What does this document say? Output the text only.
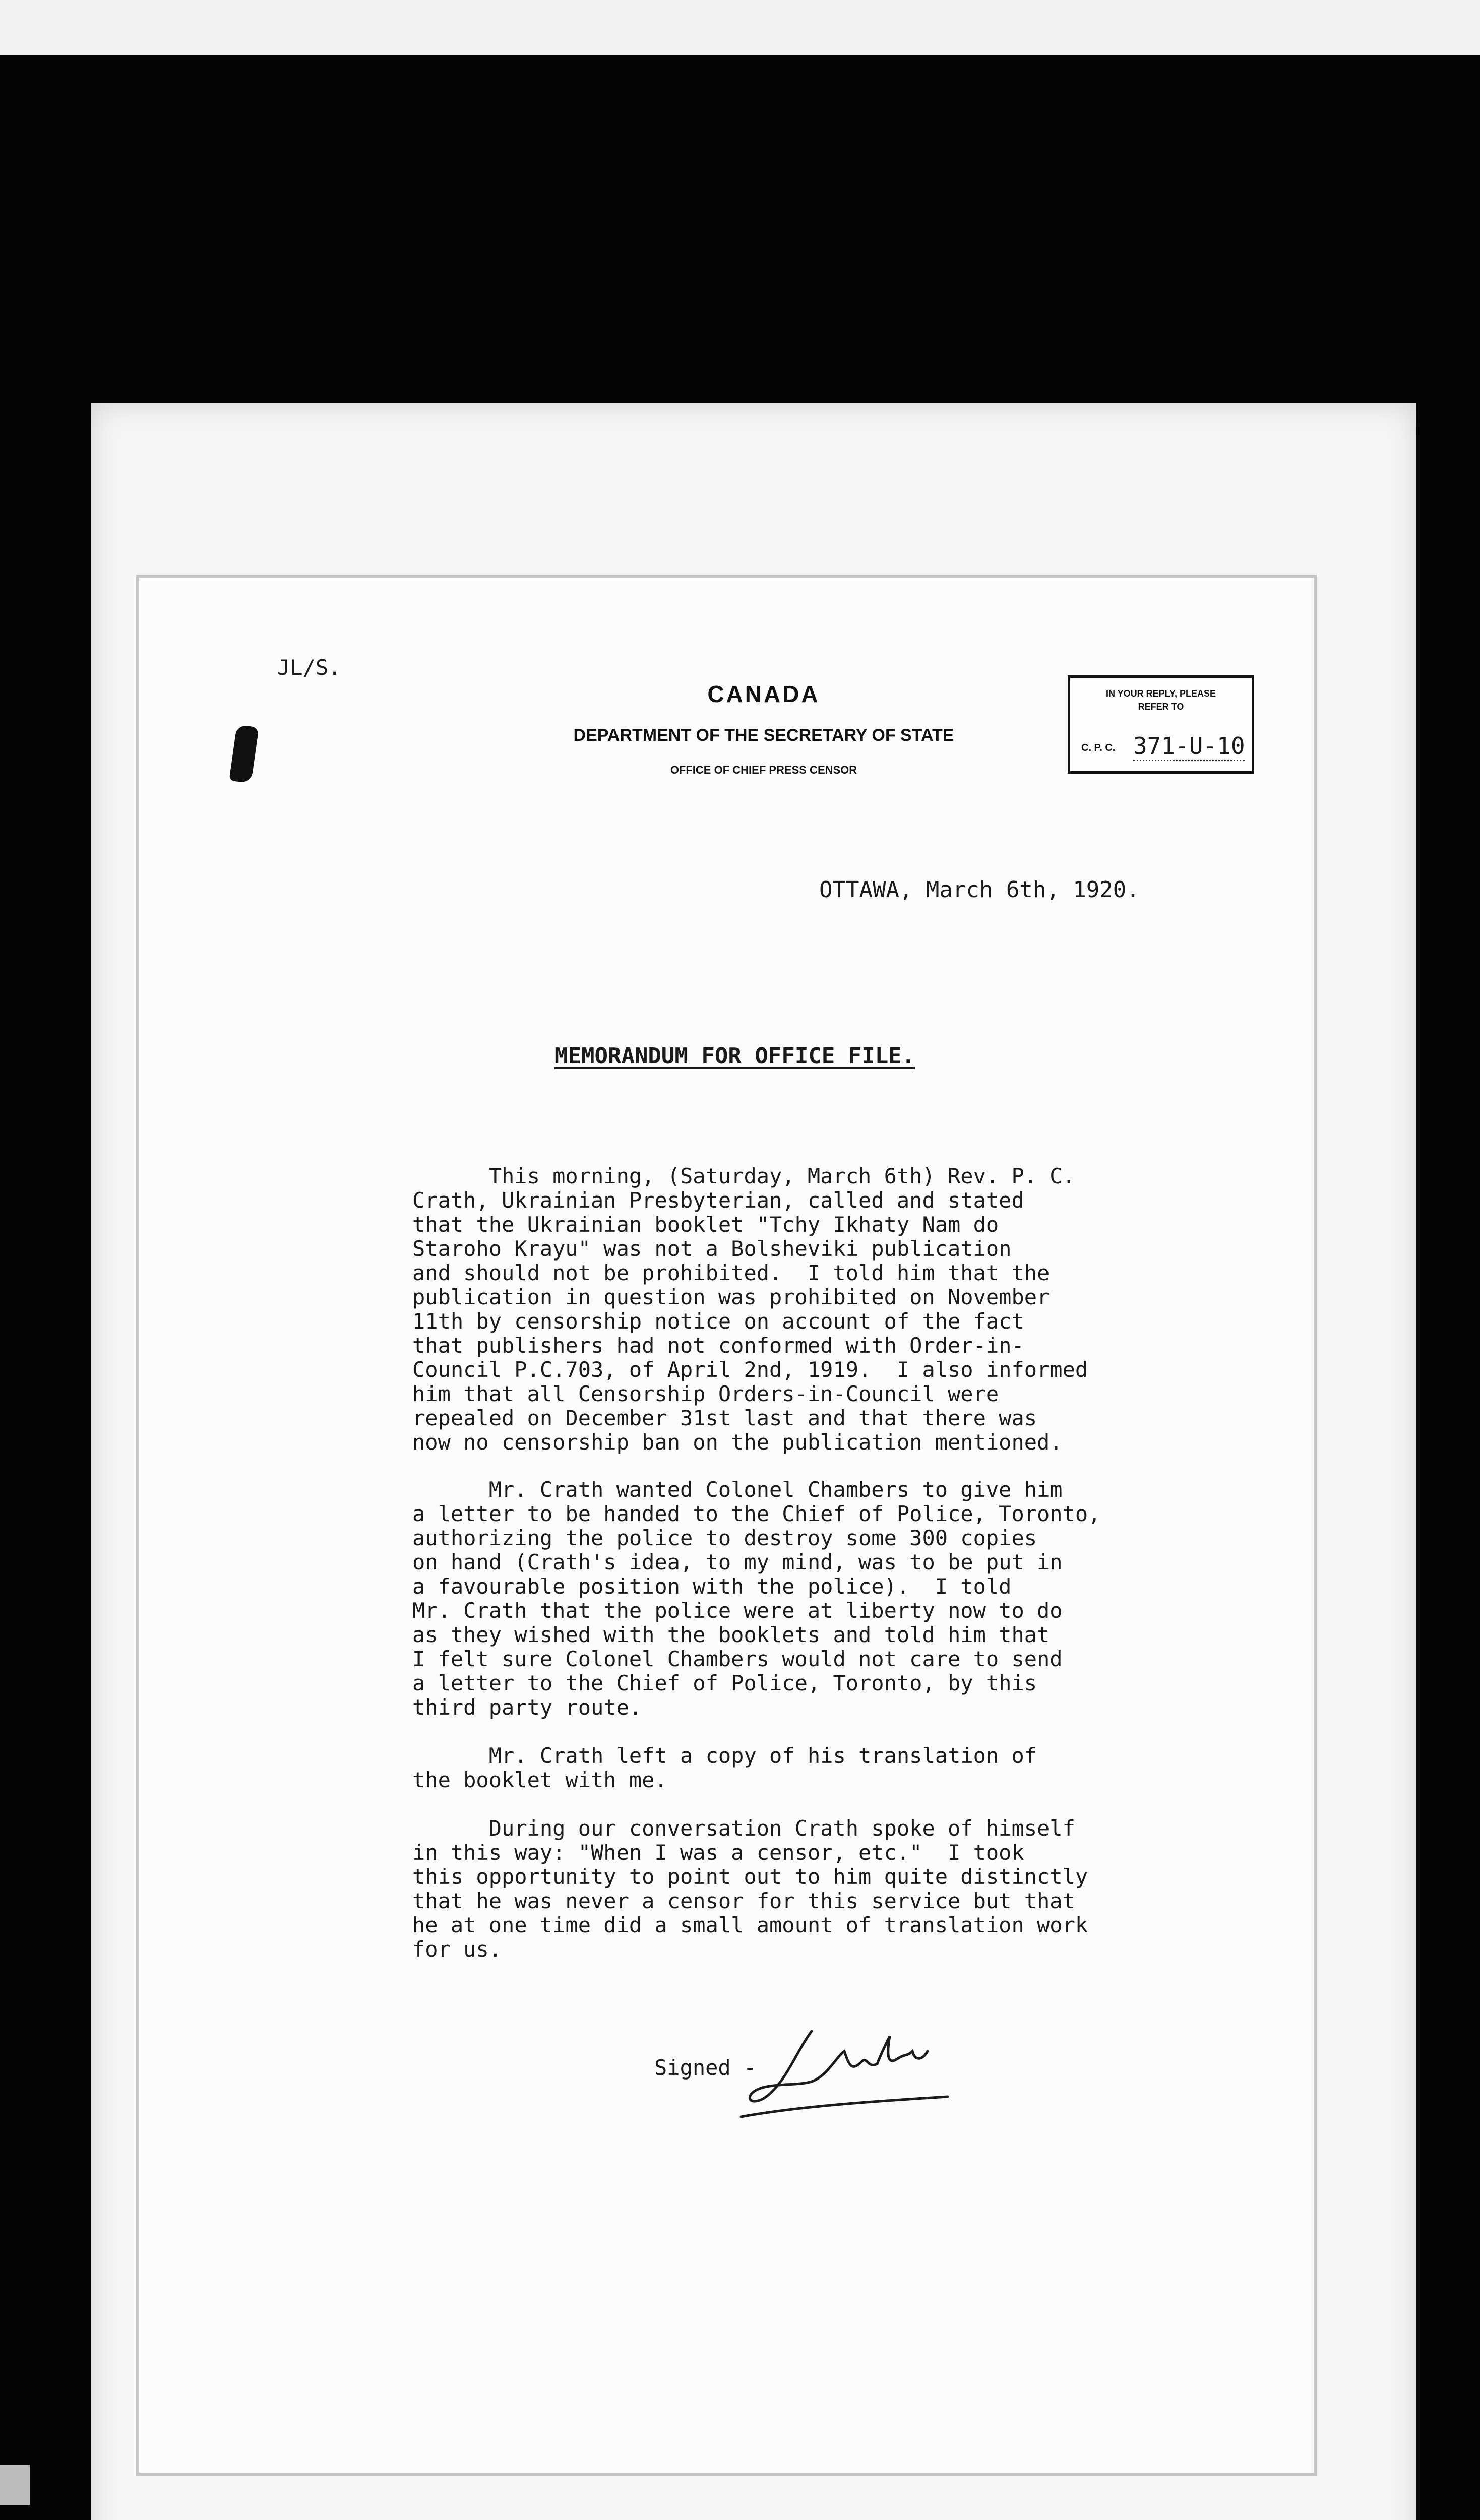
JL/S.
CANADA
DEPARTMENT OF THE SECRETARY OF STATE
OFFICE OF CHIEF PRESS CENSOR
IN YOUR REPLY, PLEASE
REFER TO
C. P. C. 371-U-10
OTTAWA, March 6th, 1920.
MEMORANDUM FOR OFFICE FILE.

This morning, (Saturday, March 6th) Rev. P. C.
Crath, Ukrainian Presbyterian, called and stated
that the Ukrainian booklet "Tchy Ikhaty Nam do
Staroho Krayu" was not a Bolsheviki publication
and should not be prohibited.  I told him that the
publication in question was prohibited on November
11th by censorship notice on account of the fact
that publishers had not conformed with Order-in-
Council P.C.703, of April 2nd, 1919.  I also informed
him that all Censorship Orders-in-Council were
repealed on December 31st last and that there was
now no censorship ban on the publication mentioned.

Mr. Crath wanted Colonel Chambers to give him
a letter to be handed to the Chief of Police, Toronto,
authorizing the police to destroy some 300 copies
on hand (Crath's idea, to my mind, was to be put in
a favourable position with the police).  I told
Mr. Crath that the police were at liberty now to do
as they wished with the booklets and told him that
I felt sure Colonel Chambers would not care to send
a letter to the Chief of Police, Toronto, by this
third party route.

Mr. Crath left a copy of his translation of
the booklet with me.

During our conversation Crath spoke of himself
in this way: "When I was a censor, etc."  I took
this opportunity to point out to him quite distinctly
that he was never a censor for this service but that
he at one time did a small amount of translation work
for us.

Signed -
